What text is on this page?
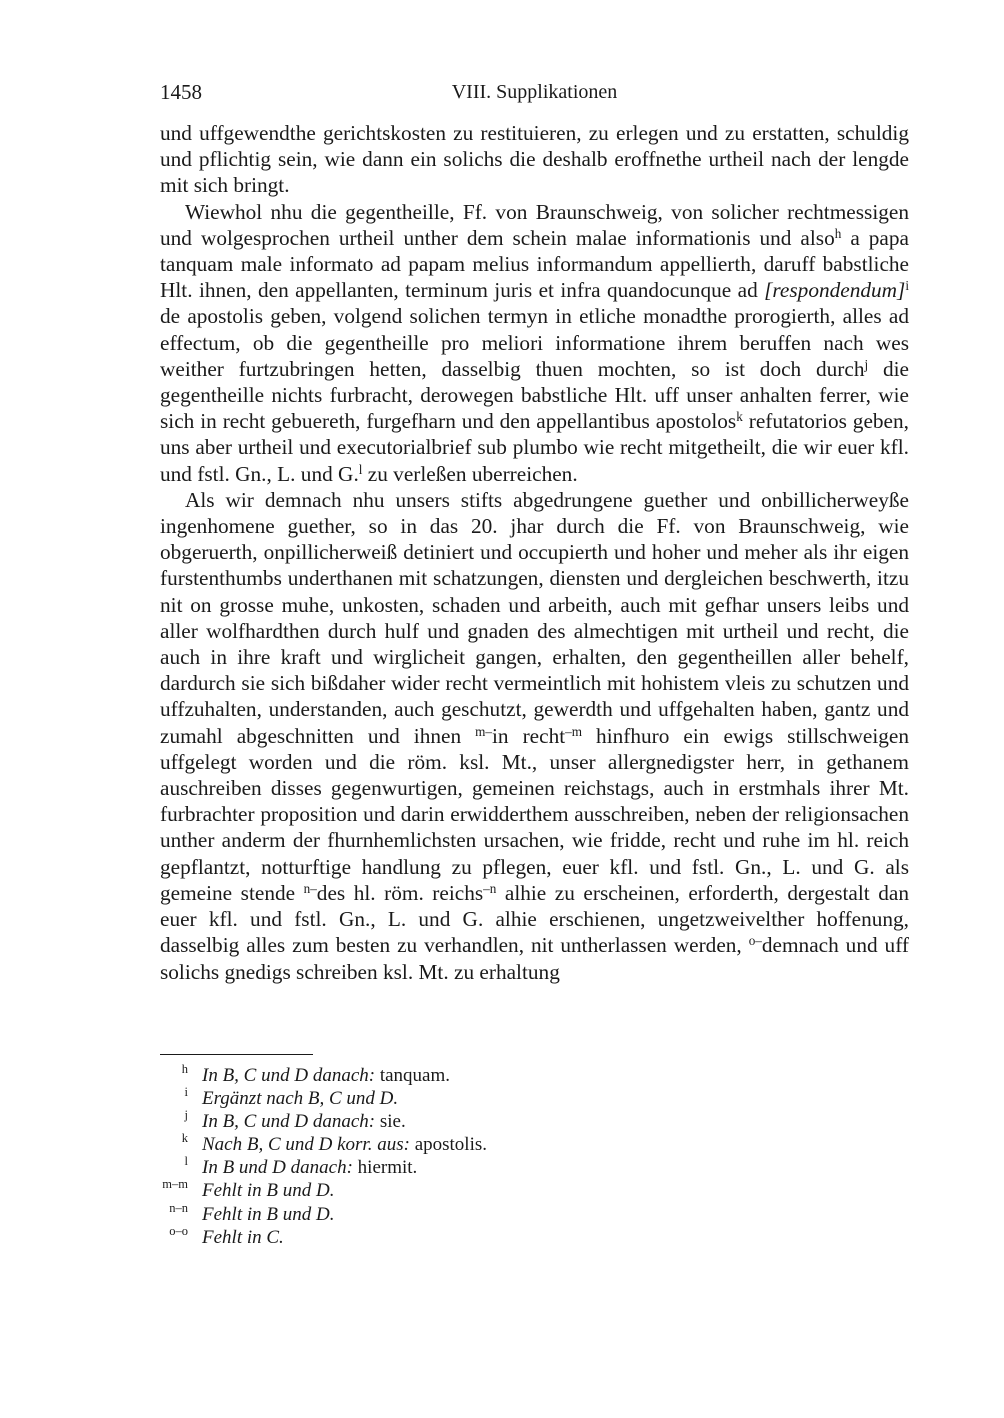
1458	VIII. Supplikationen

und uffgewendthe gerichtskosten zu restituieren, zu erlegen und zu erstatten, schuldig und pflichtig sein, wie dann ein solichs die deshalb eroffnethe urtheil nach der lengde mit sich bringt.

Wiewhol nhu die gegentheille, Ff. von Braunschweig, von solicher rechtmessigen und wolgesprochen urtheil unther dem schein malae informationis und also$^h$ a papa tanquam male informato ad papam melius informandum appellierth, daruff babstliche Hlt. ihnen, den appellanten, terminum juris et infra quandocunque ad [respondendum]$^i$ de apostolis geben, volgend solichen termyn in etliche monadthe prorogierth, alles ad effectum, ob die gegentheille pro meliori informatione ihrem beruffen nach wes weither furtzubringen hetten, dasselbig thuen mochten, so ist doch durch$^j$ die gegentheille nichts furbracht, derowegen babstliche Hlt. uff unser anhalten ferrer, wie sich in recht gebuereth, furgefharn und den appellantibus apostolos$^k$ refutatorios geben, uns aber urtheil und executorialbrief sub plumbo wie recht mitgetheilt, die wir euer kfl. und fstl. Gn., L. und G.$^l$ zu verleßen uberreichen.

Als wir demnach nhu unsers stifts abgedrungene guether und onbillicherweyße ingenhomene guether, so in das 20. jhar durch die Ff. von Braunschweig, wie obgeruerth, onpillicherweiß detiniert und occupierth und hoher und meher als ihr eigen furstenthumbs underthanen mit schatzungen, diensten und dergleichen beschwerth, itzu nit on grosse muhe, unkosten, schaden und arbeith, auch mit gefhar unsers leibs und aller wolfhardthen durch hulf und gnaden des almechtigen mit urtheil und recht, die auch in ihre kraft und wirglicheit gangen, erhalten, den gegentheillen aller behelf, dardurch sie sich bißdaher wider recht vermeintlich mit hohistem vleis zu schutzen und uffzuhalten, understanden, auch geschutzt, gewerdth und uffgehalten haben, gantz und zumahl abgeschnitten und ihnen $^{m-}$in recht$^{-m}$ hinfhuro ein ewigs stillschweigen uffgelegt worden und die röm. ksl. Mt., unser allergnedigster herr, in gethanem auschreiben disses gegenwurtigen, gemeinen reichstags, auch in erstmhals ihrer Mt. furbrachter proposition und darin erwidderthem ausschreiben, neben der religionsachen unther anderm der fhurnhemlichsten ursachen, wie fridde, recht und ruhe im hl. reich gepflantzt, notturftige handlung zu pflegen, euer kfl. und fstl. Gn., L. und G. als gemeine stende $^{n-}$des hl. röm. reichs$^{-n}$ alhie zu erscheinen, erforderth, dergestalt dan euer kfl. und fstl. Gn., L. und G. alhie erschienen, ungetzweivelther hoffenung, dasselbig alles zum besten zu verhandlen, nit untherlassen werden, $^{o-}$demnach und uff solichs gnedigs schreiben ksl. Mt. zu erhaltung

h In B, C und D danach: tanquam.
i Ergänzt nach B, C und D.
j In B, C und D danach: sie.
k Nach B, C und D korr. aus: apostolis.
l In B und D danach: hiermit.
m–m Fehlt in B und D.
n–n Fehlt in B und D.
o–o Fehlt in C.
